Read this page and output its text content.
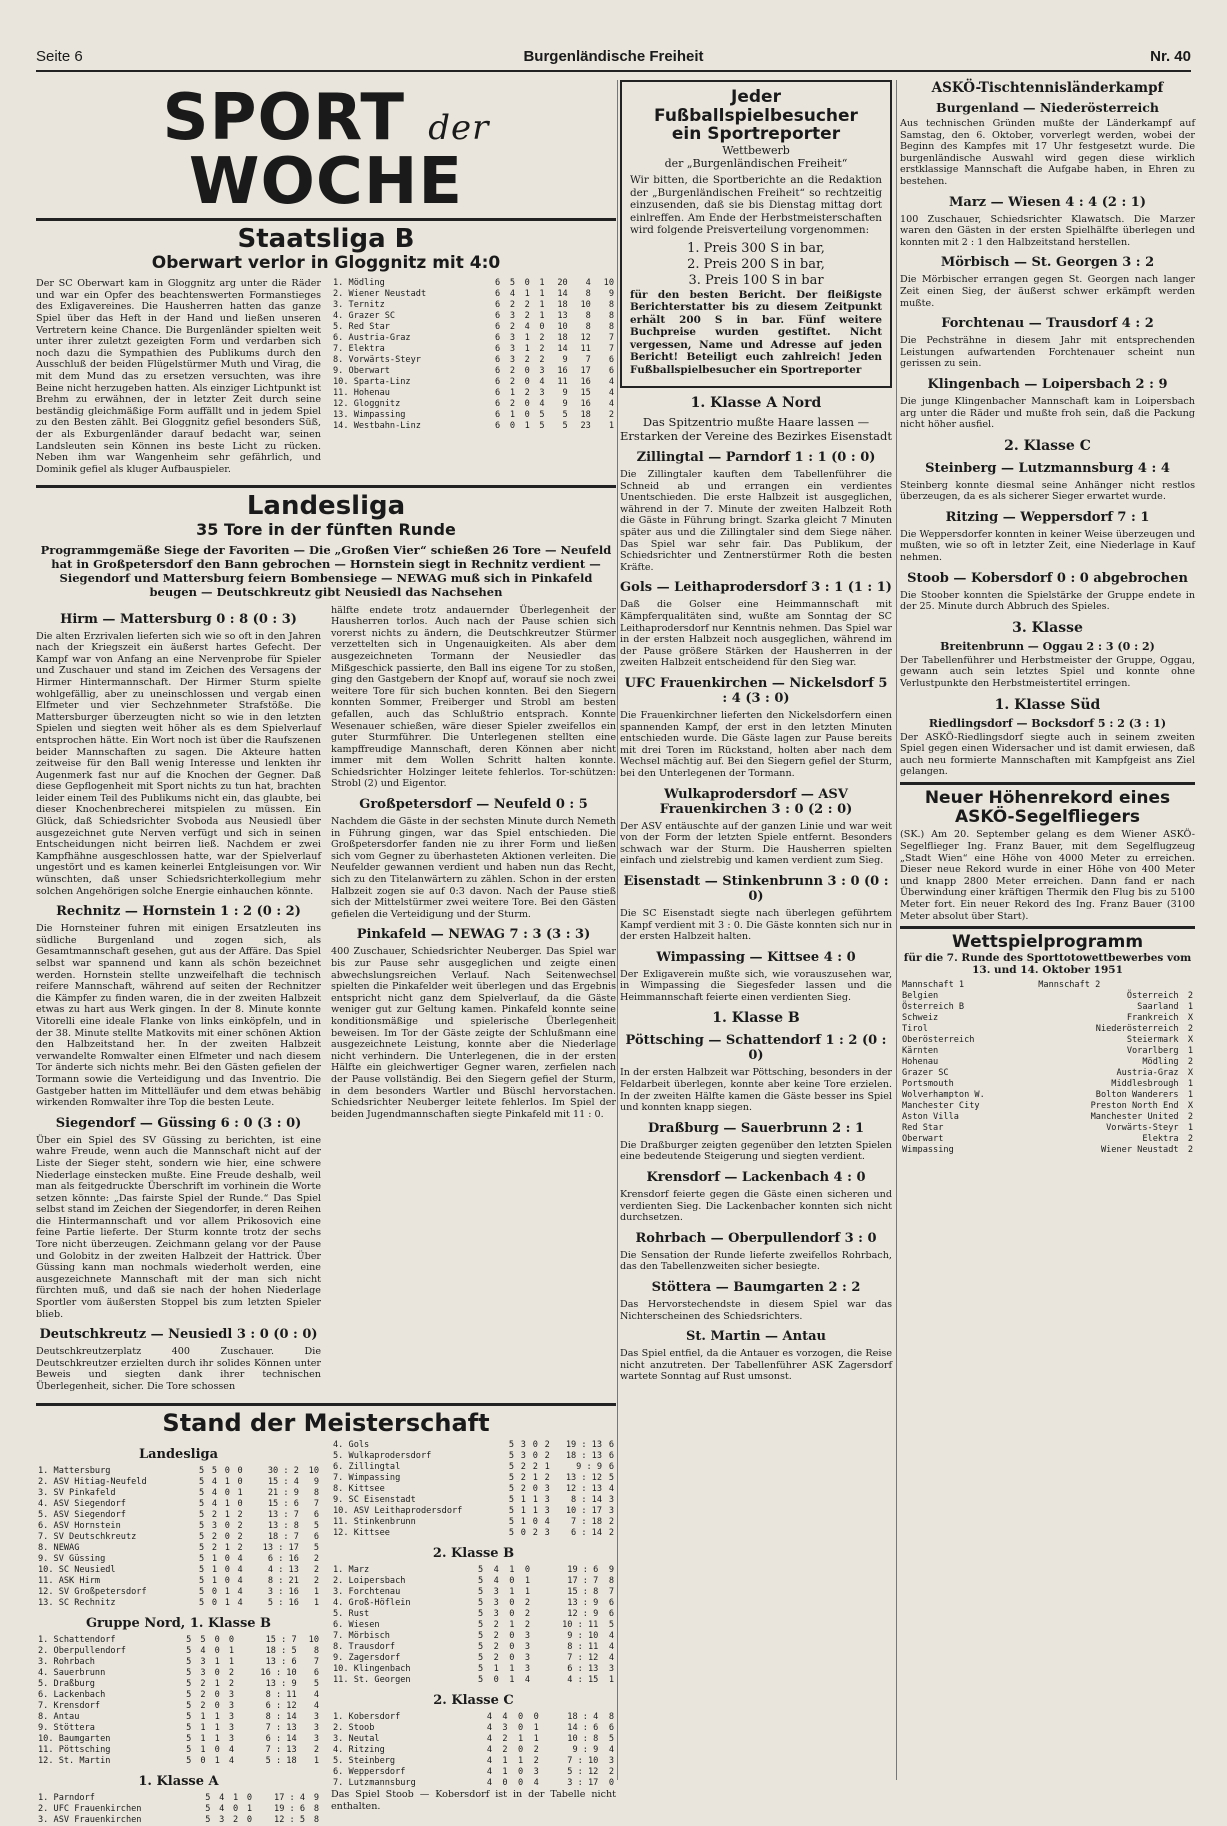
Seite 6	Burgenländische Freiheit	Nr. 40
SPORT der WOCHE
Staatsliga B
Oberwart verlor in Gloggnitz mit 4:0

Der SC Oberwart kam in Gloggnitz arg unter die Räder und war ein Opfer des beachtenswerten Formanstieges des Exligavereines. Die Hausherren hatten das ganze Spiel über das Heft in der Hand und ließen unseren Vertretern keine Chance. Die Burgenländer spielten weit unter ihrer zuletzt gezeigten Form und verdarben sich noch dazu die Sympathien des Publikums durch den Ausschluß der beiden Flügelstürmer Muth und Virag, die mit dem Mund das zu ersetzen versuchten, was ihre Beine nicht herzugeben hatten. Als einziger Lichtpunkt ist Brehm zu erwähnen, der in letzter Zeit durch seine beständig gleichmäßige Form auffällt und in jedem Spiel zu den Besten zählt. Bei Gloggnitz gefiel besonders Süß, der als Exburgenländer darauf bedacht war, seinen Landsleuten sein Können ins beste Licht zu rücken. Neben ihm war Wangenheim sehr gefährlich, und Dominik gefiel als kluger Aufbauspieler.

1. Mödling	6	5	0	1	20	4	10
2. Wiener Neustadt	6	4	1	1	14	8	9
3. Ternitz	6	2	2	1	18	10	8
4. Grazer SC	6	3	2	1	13	8	8
5. Red Star	6	2	4	0	10	8	8
6. Austria-Graz	6	3	1	2	18	12	7
7. Elektra	6	3	1	2	14	11	7
8. Vorwärts-Steyr	6	3	2	2	9	7	6
9. Oberwart	6	2	0	3	16	17	6
10. Sparta-Linz	6	2	0	4	11	16	4
11. Hohenau	6	1	2	3	9	15	4
12. Gloggnitz	6	2	0	4	9	16	4
13. Wimpassing	6	1	0	5	5	18	2
14. Westbahn-Linz	6	0	1	5	5	23	1
Landesliga
35 Tore in der fünften Runde
Programmgemäße Siege der Favoriten — Die „Großen Vier“ schießen 26 Tore — Neufeld hat in Großpetersdorf den Bann gebrochen — Hornstein siegt in Rechnitz verdient — Siegendorf und Mattersburg feiern Bombensiege — NEWAG muß sich in Pinkafeld beugen — Deutschkreutz gibt Neusiedl das Nachsehen
Hirm — Mattersburg 0 : 8 (0 : 3)

Die alten Erzrivalen lieferten sich wie so oft in den Jahren nach der Kriegszeit ein äußerst hartes Gefecht. Der Kampf war von Anfang an eine Nervenprobe für Spieler und Zuschauer und stand im Zeichen des Versagens der Hirmer Hintermannschaft. Der Hirmer Sturm spielte wohlgefällig, aber zu uneinschlossen und vergab einen Elfmeter und vier Sechzehnmeter Strafstöße. Die Mattersburger überzeugten nicht so wie in den letzten Spielen und siegten weit höher als es dem Spielverlauf entsprochen hätte. Ein Wort noch ist über die Raufszenen beider Mannschaften zu sagen. Die Akteure hatten zeitweise für den Ball wenig Interesse und lenkten ihr Augenmerk fast nur auf die Knochen der Gegner. Daß diese Gepflogenheit mit Sport nichts zu tun hat, brachten leider einem Teil des Publikums nicht ein, das glaubte, bei dieser Knochenbrecherei mitspielen zu müssen. Ein Glück, daß Schiedsrichter Svoboda aus Neusiedl über ausgezeichnet gute Nerven verfügt und sich in seinen Entscheidungen nicht beirren ließ. Nachdem er zwei Kampfhähne ausgeschlossen hatte, war der Spielverlauf ungestört und es kamen keinerlei Entgleisungen vor. Wir wünschten, daß unser Schiedsrichterkollegium mehr solchen Angehörigen solche Energie einhauchen könnte.

Rechnitz — Hornstein 1 : 2 (0 : 2)

Die Hornsteiner fuhren mit einigen Ersatzleuten ins südliche Burgenland und zogen sich, als Gesamtmannschaft gesehen, gut aus der Affäre. Das Spiel selbst war spannend und kann als schön bezeichnet werden. Hornstein stellte unzweifelhaft die technisch reifere Mannschaft, während auf seiten der Rechnitzer die Kämpfer zu finden waren, die in der zweiten Halbzeit etwas zu hart aus Werk gingen. In der 8. Minute konnte Vitorelli eine ideale Flanke von links einköpfeln, und in der 38. Minute stellte Matkovits mit einer schönen Aktion den Halbzeitstand her. In der zweiten Halbzeit verwandelte Romwalter einen Elfmeter und nach diesem Tor änderte sich nichts mehr. Bei den Gästen gefielen der Tormann sowie die Verteidigung und das Inventrio. Die Gastgeber hatten im Mittelläufer und dem etwas behäbig wirkenden Romwalter ihre Top die besten Leute.

Siegendorf — Güssing 6 : 0 (3 : 0)

Über ein Spiel des SV Güssing zu berichten, ist eine wahre Freude, wenn auch die Mannschaft nicht auf der Liste der Sieger steht, sondern wie hier, eine schwere Niederlage einstecken mußte. Eine Freude deshalb, weil man als feitgedruckte Überschrift im vorhinein die Worte setzen könnte: „Das fairste Spiel der Runde.“ Das Spiel selbst stand im Zeichen der Siegendorfer, in deren Reihen die Hintermannschaft und vor allem Prikosovich eine feine Partie lieferte. Der Sturm konnte trotz der sechs Tore nicht überzeugen. Zeichmann gelang vor der Pause und Golobitz in der zweiten Halbzeit der Hattrick. Über Güssing kann man nochmals wiederholt werden, eine ausgezeichnete Mannschaft mit der man sich nicht fürchten muß, und daß sie nach der hohen Niederlage Sportler vom äußersten Stoppel bis zum letzten Spieler blieb.

Deutschkreutz — Neusiedl 3 : 0 (0 : 0)

Deutschkreutzerplatz 400 Zuschauer. Die Deutschkreutzer erzielten durch ihr solides Können unter Beweis und siegten dank ihrer technischen Überlegenheit, sicher. Die Tore schossen

hälfte endete trotz andauernder Überlegenheit der Hausherren torlos. Auch nach der Pause schien sich vorerst nichts zu ändern, die Deutschkreutzer Stürmer verzettelten sich in Ungenauigkeiten. Als aber dem ausgezeichneten Tormann der Neusiedler das Mißgeschick passierte, den Ball ins eigene Tor zu stoßen, ging den Gastgebern der Knopf auf, worauf sie noch zwei weitere Tore für sich buchen konnten. Bei den Siegern konnten Sommer, Freiberger und Strobl am besten gefallen, auch das Schlußtrio entsprach. Konnte Wesenauer schießen, wäre dieser Spieler zweifellos ein guter Sturmführer. Die Unterlegenen stellten eine kampffreudige Mannschaft, deren Können aber nicht immer mit dem Wollen Schritt halten konnte. Schiedsrichter Holzinger leitete fehlerlos. Tor-schützen: Strobl (2) und Eigentor.

Großpetersdorf — Neufeld 0 : 5

Nachdem die Gäste in der sechsten Minute durch Nemeth in Führung gingen, war das Spiel entschieden. Die Großpetersdorfer fanden nie zu ihrer Form und ließen sich vom Gegner zu überhasteten Aktionen verleiten. Die Neufelder gewannen verdient und haben nun das Recht, sich zu den Titelanwärtern zu zählen. Schon in der ersten Halbzeit zogen sie auf 0:3 davon. Nach der Pause stieß sich der Mittelstürmer zwei weitere Tore. Bei den Gästen gefielen die Verteidigung und der Sturm.

Pinkafeld — NEWAG 7 : 3 (3 : 3)

400 Zuschauer, Schiedsrichter Neuberger. Das Spiel war bis zur Pause sehr ausgeglichen und zeigte einen abwechslungsreichen Verlauf. Nach Seitenwechsel spielten die Pinkafelder weit überlegen und das Ergebnis entspricht nicht ganz dem Spielverlauf, da die Gäste weniger gut zur Geltung kamen. Pinkafeld konnte seine konditionsmäßige und spielerische Überlegenheit beweisen. Im Tor der Gäste zeigte der Schlußmann eine ausgezeichnete Leistung, konnte aber die Niederlage nicht verhindern. Die Unterlegenen, die in der ersten Hälfte ein gleichwertiger Gegner waren, zerfielen nach der Pause vollständig. Bei den Siegern gefiel der Sturm, in dem besonders Wartler und Büschl hervorstachen. Schiedsrichter Neuberger leitete fehlerlos. Im Spiel der beiden Jugendmannschaften siegte Pinkafeld mit 11 : 0.

Stand der Meisterschaft
Landesliga
1. Mattersburg	5	5	0	0	30 : 2	10
2. ASV Hitiag-Neufeld	5	4	1	0	15 : 4	9
3. SV Pinkafeld	5	4	0	1	21 : 9	8
4. ASV Siegendorf	5	4	1	0	15 : 6	7
5. ASV Siegendorf	5	2	1	2	13 : 7	6
6. ASV Hornstein	5	3	0	2	13 : 8	5
7. SV Deutschkreutz	5	2	0	2	18 : 7	6
8. NEWAG	5	2	1	2	13 : 17	5
9. SV Güssing	5	1	0	4	6 : 16	2
10. SC Neusiedl	5	1	0	4	4 : 13	2
11. ASK Hirm	5	1	0	4	8 : 21	2
12. SV Großpetersdorf	5	0	1	4	3 : 16	1
13. SC Rechnitz	5	0	1	4	5 : 16	1
Gruppe Nord, 1. Klasse B
1. Schattendorf	5	5	0	0	15 : 7	10
2. Oberpullendorf	5	4	0	1	18 : 5	8
3. Rohrbach	5	3	1	1	13 : 6	7
4. Sauerbrunn	5	3	0	2	16 : 10	6
5. Draßburg	5	2	1	2	13 : 9	5
6. Lackenbach	5	2	0	3	8 : 11	4
7. Krensdorf	5	2	0	3	6 : 12	4
8. Antau	5	1	1	3	8 : 14	3
9. Stöttera	5	1	1	3	7 : 13	3
10. Baumgarten	5	1	1	3	6 : 14	3
11. Pöttsching	5	1	0	4	7 : 13	2
12. St. Martin	5	0	1	4	5 : 18	1
1. Klasse A
1. Parndorf	5	4	1	0	17 : 4	9
2. UFC Frauenkirchen	5	4	0	1	19 : 6	8
3. ASV Frauenkirchen	5	3	2	0	12 : 5	8
4. Gols	5	3	0	2	19 : 13	6
5. Wulkaprodersdorf	5	3	0	2	18 : 13	6
6. Zillingtal	5	2	2	1	9 : 9	6
7. Wimpassing	5	2	1	2	13 : 12	5
8. Kittsee	5	2	0	3	12 : 13	4
9. SC Eisenstadt	5	1	1	3	8 : 14	3
10. ASV Leithaprodersdorf	5	1	1	3	10 : 17	3
11. Stinkenbrunn	5	1	0	4	7 : 18	2
12. Kittsee	5	0	2	3	6 : 14	2
2. Klasse B
1. Marz	5	4	1	0	19 : 6	9
2. Loipersbach	5	4	0	1	17 : 7	8
3. Forchtenau	5	3	1	1	15 : 8	7
4. Groß-Höflein	5	3	0	2	13 : 9	6
5. Rust	5	3	0	2	12 : 9	6
6. Wiesen	5	2	1	2	10 : 11	5
7. Mörbisch	5	2	0	3	9 : 10	4
8. Trausdorf	5	2	0	3	8 : 11	4
9. Zagersdorf	5	2	0	3	7 : 12	4
10. Klingenbach	5	1	1	3	6 : 13	3
11. St. Georgen	5	0	1	4	4 : 15	1
2. Klasse C
1. Kobersdorf	4	4	0	0	18 : 4	8
2. Stoob	4	3	0	1	14 : 6	6
3. Neutal	4	2	1	1	10 : 8	5
4. Ritzing	4	2	0	2	9 : 9	4
5. Steinberg	4	1	1	2	7 : 10	3
6. Weppersdorf	4	1	0	3	5 : 12	2
7. Lutzmannsburg	4	0	0	4	3 : 17	0

Das Spiel Stoob — Kobersdorf ist in der Tabelle nicht enthalten.

Jeder Fußballspielbesucher
ein Sportreporter
Wettbewerb
der „Burgenländischen Freiheit“

Wir bitten, die Sportberichte an die Redaktion der „Burgenländischen Freiheit“ so rechtzeitig einzusenden, daß sie bis Dienstag mittag dort einlreffen. Am Ende der Herbstmeisterschaften wird folgende Preisverteilung vorgenommen:

1. Preis 300 S in bar,
2. Preis 200 S in bar,
3. Preis 100 S in bar

für den besten Bericht. Der fleißigste Berichterstatter bis zu diesem Zeitpunkt erhält 200 S in bar. Fünf weitere Buchpreise wurden gestiftet. Nicht vergessen, Name und Adresse auf jeden Bericht! Beteiligt euch zahlreich! Jeden Fußballspielbesucher ein Sportreporter

1. Klasse A Nord
Das Spitzentrio mußte Haare lassen — Erstarken der Vereine des Bezirkes Eisenstadt
Zillingtal — Parndorf 1 : 1 (0 : 0)

Die Zillingtaler kauften dem Tabellenführer die Schneid ab und errangen ein verdientes Unentschieden. Die erste Halbzeit ist ausgeglichen, während in der 7. Minute der zweiten Halbzeit Roth die Gäste in Führung bringt. Szarka gleicht 7 Minuten später aus und die Zillingtaler sind dem Siege näher. Das Spiel war sehr fair. Das Publikum, der Schiedsrichter und Zentnerstürmer Roth die besten Kräfte.

Gols — Leithaprodersdorf 3 : 1 (1 : 1)

Daß die Golser eine Heimmannschaft mit Kämpferqualitäten sind, wußte am Sonntag der SC Leithaprodersdorf nur Kenntnis nehmen. Das Spiel war in der ersten Halbzeit noch ausgeglichen, während im der Pause größere Stärken der Hausherren in der zweiten Halbzeit entscheidend für den Sieg war.

UFC Frauenkirchen — Nickelsdorf 5 : 4 (3 : 0)

Die Frauenkirchner lieferten den Nickelsdorfern einen spannenden Kampf, der erst in den letzten Minuten entschieden wurde. Die Gäste lagen zur Pause bereits mit drei Toren im Rückstand, holten aber nach dem Wechsel mächtig auf. Bei den Siegern gefiel der Sturm, bei den Unterlegenen der Tormann.

Wulkaprodersdorf — ASV Frauenkirchen 3 : 0 (2 : 0)

Der ASV entäuschte auf der ganzen Linie und war weit von der Form der letzten Spiele entfernt. Besonders schwach war der Sturm. Die Hausherren spielten einfach und zielstrebig und kamen verdient zum Sieg.

Eisenstadt — Stinkenbrunn 3 : 0 (0 : 0)

Die SC Eisenstadt siegte nach überlegen geführtem Kampf verdient mit 3 : 0. Die Gäste konnten sich nur in der ersten Halbzeit halten.

Wimpassing — Kittsee 4 : 0

Der Exligaverein mußte sich, wie vorauszusehen war, in Wimpassing die Siegesfeder lassen und die Heimmannschaft feierte einen verdienten Sieg.

1. Klasse B
Pöttsching — Schattendorf 1 : 2 (0 : 0)

In der ersten Halbzeit war Pöttsching, besonders in der Feldarbeit überlegen, konnte aber keine Tore erzielen. In der zweiten Hälfte kamen die Gäste besser ins Spiel und konnten knapp siegen.

Draßburg — Sauerbrunn 2 : 1

Die Draßburger zeigten gegenüber den letzten Spielen eine bedeutende Steigerung und siegten verdient.

Krensdorf — Lackenbach 4 : 0

Krensdorf feierte gegen die Gäste einen sicheren und verdienten Sieg. Die Lackenbacher konnten sich nicht durchsetzen.

Rohrbach — Oberpullendorf 3 : 0

Die Sensation der Runde lieferte zweifellos Rohrbach, das den Tabellenzweiten sicher besiegte.

Stöttera — Baumgarten 2 : 2

Das Hervorstechendste in diesem Spiel war das Nichterscheinen des Schiedsrichters.

St. Martin — Antau

Das Spiel entfiel, da die Antauer es vorzogen, die Reise nicht anzutreten. Der Tabellenführer ASK Zagersdorf wartete Sonntag auf Rust umsonst.

ASKÖ-Tischtennisländerkampf
Burgenland — Niederösterreich

Aus technischen Gründen mußte der Länderkampf auf Samstag, den 6. Oktober, vorverlegt werden, wobei der Beginn des Kampfes mit 17 Uhr festgesetzt wurde. Die burgenländische Auswahl wird gegen diese wirklich erstklassige Mannschaft die Aufgabe haben, in Ehren zu bestehen.

Marz — Wiesen 4 : 4 (2 : 1)

100 Zuschauer, Schiedsrichter Klawatsch. Die Marzer waren den Gästen in der ersten Spielhälfte überlegen und konnten mit 2 : 1 den Halbzeitstand herstellen.

Mörbisch — St. Georgen 3 : 2

Die Mörbischer errangen gegen St. Georgen nach langer Zeit einen Sieg, der äußerst schwer erkämpft werden mußte.

Forchtenau — Trausdorf 4 : 2

Die Pechsträhne in diesem Jahr mit entsprechenden Leistungen aufwartenden Forchtenauer scheint nun gerissen zu sein.

Klingenbach — Loipersbach 2 : 9

Die junge Klingenbacher Mannschaft kam in Loipersbach arg unter die Räder und mußte froh sein, daß die Packung nicht höher ausfiel.

2. Klasse C
Steinberg — Lutzmannsburg 4 : 4

Steinberg konnte diesmal seine Anhänger nicht restlos überzeugen, da es als sicherer Sieger erwartet wurde.

Ritzing — Weppersdorf 7 : 1

Die Weppersdorfer konnten in keiner Weise überzeugen und mußten, wie so oft in letzter Zeit, eine Niederlage in Kauf nehmen.

Stoob — Kobersdorf 0 : 0 abgebrochen

Die Stoober konnten die Spielstärke der Gruppe endete in der 25. Minute durch Abbruch des Spieles.

3. Klasse
Breitenbrunn — Oggau 2 : 3 (0 : 2)

Der Tabellenführer und Herbstmeister der Gruppe, Oggau, gewann auch sein letztes Spiel und konnte ohne Verlustpunkte den Herbstmeistertitel erringen.

1. Klasse Süd
Riedlingsdorf — Bocksdorf 5 : 2 (3 : 1)

Der ASKÖ-Riedlingsdorf siegte auch in seinem zweiten Spiel gegen einen Widersacher und ist damit erwiesen, daß auch neu formierte Mannschaften mit Kampfgeist ans Ziel gelangen.

Neuer Höhenrekord eines
ASKÖ-Segelfliegers

(SK.) Am 20. September gelang es dem Wiener ASKÖ-Segelflieger Ing. Franz Bauer, mit dem Segelflugzeug „Stadt Wien“ eine Höhe von 4000 Meter zu erreichen. Dieser neue Rekord wurde in einer Höhe von 400 Meter und knapp 2800 Meter erreichen. Dann fand er nach Überwindung einer kräftigen Thermik den Flug bis zu 5100 Meter fort. Ein neuer Rekord des Ing. Franz Bauer (3100 Meter absolut über Start).

Wettspielprogramm
für die 7. Runde des Sporttotowettbewerbes vom 13. und 14. Oktober 1951
Mannschaft 1	Mannschaft 2	
Belgien	Österreich	2
Österreich B	Saarland	1
Schweiz	Frankreich	X
Tirol	Niederösterreich	2
Oberösterreich	Steiermark	X
Kärnten	Vorarlberg	1
Hohenau	Mödling	2
Grazer SC	Austria-Graz	X
Portsmouth	Middlesbrough	1
Wolverhampton W.	Bolton Wanderers	1
Manchester City	Preston North End	X
Aston Villa	Manchester United	2
Red Star	Vorwärts-Steyr	1
Oberwart	Elektra	2
Wimpassing	Wiener Neustadt	2
